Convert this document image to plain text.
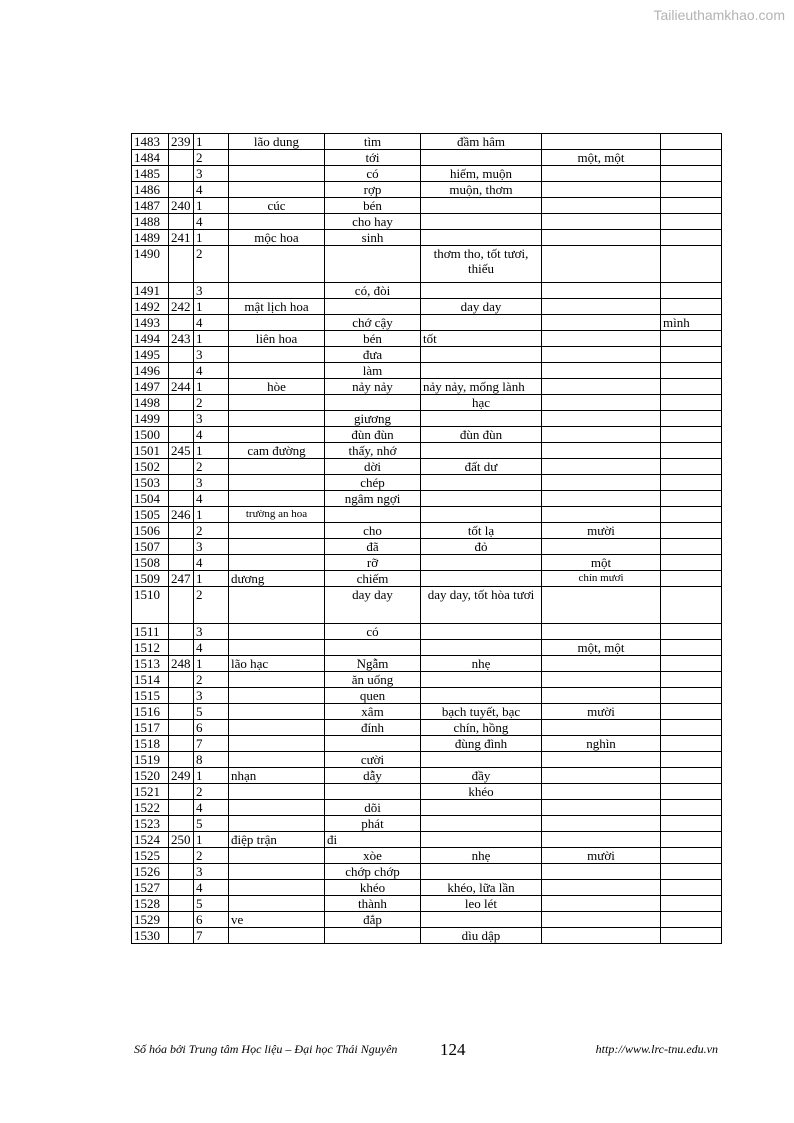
Tailieuthamkhao.com
1483	239	1	lão dung	tìm	đầm hâm		
1484		2		tới		một, một	
1485		3		có	hiếm, muộn		
1486		4		rợp	muộn, thơm		
1487	240	1	cúc	bén			
1488		4		cho hay			
1489	241	1	mộc hoa	sinh			
1490		2			thơm tho, tốt tươi, thiếu		
1491		3		có, đòi			
1492	242	1	mật lịch hoa		day day		
1493		4		chớ cậy			mình
1494	243	1	liên hoa	bén	tốt		
1495		3		đưa			
1496		4		làm			
1497	244	1	hòe	nảy nảy	nảy nảy, mống lành		
1498		2			hạc		
1499		3		giương			
1500		4		đùn đùn	đùn đùn		
1501	245	1	cam đường	thấy, nhớ			
1502		2		dời	đất dư		
1503		3		chép			
1504		4		ngâm ngợi			
1505	246	1	trường an hoa				
1506		2		cho	tốt lạ	mười	
1507		3		đã	đỏ		
1508		4		rỡ		một	
1509	247	1	dương	chiếm		chín mươi	
1510		2		day day	day day, tốt hòa tươi		
1511		3		có			
1512		4				một, một	
1513	248	1	lão hạc	Ngẫm	nhẹ		
1514		2		ăn uống			
1515		3		quen			
1516		5		xâm	bạch tuyết, bạc	mười	
1517		6		đính	chín, hồng		
1518		7			đùng đình	nghìn	
1519		8		cười			
1520	249	1	nhạn	dẫy	đầy		
1521		2			khéo		
1522		4		dõi			
1523		5		phát			
1524	250	1	điệp trận	đi			
1525		2		xòe	nhẹ	mười	
1526		3		chớp chớp			
1527		4		khéo	khéo, lữa lần		
1528		5		thành	leo lét		
1529		6	ve	đắp			
1530		7			dìu dập		
Số hóa bởi Trung tâm Học liệu – Đại học Thái Nguyên	124	http://www.lrc-tnu.edu.vn
